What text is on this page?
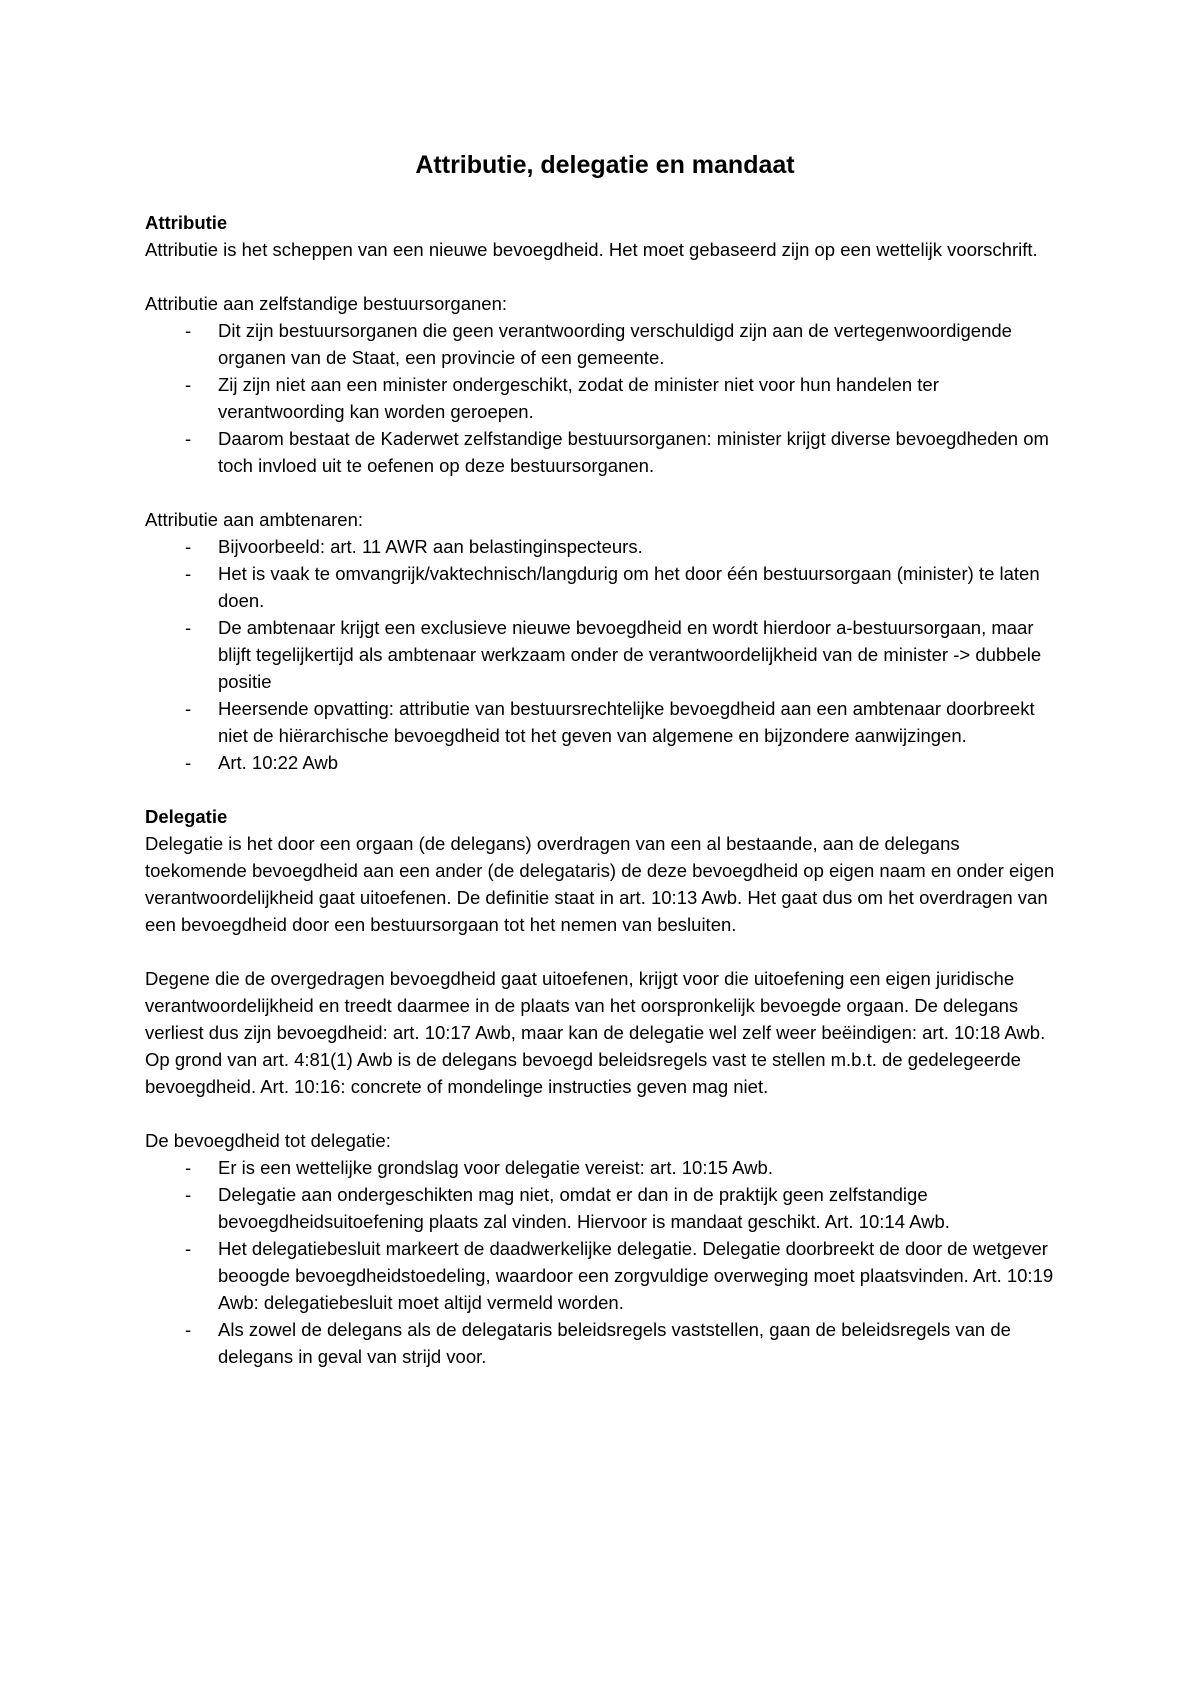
Attributie, delegatie en mandaat
Attributie

Attributie is het scheppen van een nieuwe bevoegdheid. Het moet gebaseerd zijn op een wettelijk voorschrift.

Attributie aan zelfstandige bestuursorganen:

- Dit zijn bestuursorganen die geen verantwoording verschuldigd zijn aan de vertegenwoordigende organen van de Staat, een provincie of een gemeente.
- Zij zijn niet aan een minister ondergeschikt, zodat de minister niet voor hun handelen ter verantwoording kan worden geroepen.
- Daarom bestaat de Kaderwet zelfstandige bestuursorganen: minister krijgt diverse bevoegdheden om toch invloed uit te oefenen op deze bestuursorganen.

Attributie aan ambtenaren:

- Bijvoorbeeld: art. 11 AWR aan belastinginspecteurs.
- Het is vaak te omvangrijk/vaktechnisch/langdurig om het door één bestuursorgaan (minister) te laten doen.
- De ambtenaar krijgt een exclusieve nieuwe bevoegdheid en wordt hierdoor a-bestuursorgaan, maar blijft tegelijkertijd als ambtenaar werkzaam onder de verantwoordelijkheid van de minister -> dubbele positie
- Heersende opvatting: attributie van bestuursrechtelijke bevoegdheid aan een ambtenaar doorbreekt niet de hiërarchische bevoegdheid tot het geven van algemene en bijzondere aanwijzingen.
- Art. 10:22 Awb
Delegatie

Delegatie is het door een orgaan (de delegans) overdragen van een al bestaande, aan de delegans toekomende bevoegdheid aan een ander (de delegataris) de deze bevoegdheid op eigen naam en onder eigen verantwoordelijkheid gaat uitoefenen. De definitie staat in art. 10:13 Awb. Het gaat dus om het overdragen van een bevoegdheid door een bestuursorgaan tot het nemen van besluiten.

Degene die de overgedragen bevoegdheid gaat uitoefenen, krijgt voor die uitoefening een eigen juridische verantwoordelijkheid en treedt daarmee in de plaats van het oorspronkelijk bevoegde orgaan. De delegans verliest dus zijn bevoegdheid: art. 10:17 Awb, maar kan de delegatie wel zelf weer beëindigen: art. 10:18 Awb. Op grond van art. 4:81(1) Awb is de delegans bevoegd beleidsregels vast te stellen m.b.t. de gedelegeerde bevoegdheid. Art. 10:16: concrete of mondelinge instructies geven mag niet.

De bevoegdheid tot delegatie:

- Er is een wettelijke grondslag voor delegatie vereist: art. 10:15 Awb.
- Delegatie aan ondergeschikten mag niet, omdat er dan in de praktijk geen zelfstandige bevoegdheidsuitoefening plaats zal vinden. Hiervoor is mandaat geschikt. Art. 10:14 Awb.
- Het delegatiebesluit markeert de daadwerkelijke delegatie. Delegatie doorbreekt de door de wetgever beoogde bevoegdheidstoedeling, waardoor een zorgvuldige overweging moet plaatsvinden. Art. 10:19 Awb: delegatiebesluit moet altijd vermeld worden.
- Als zowel de delegans als de delegataris beleidsregels vaststellen, gaan de beleidsregels van de delegans in geval van strijd voor.
